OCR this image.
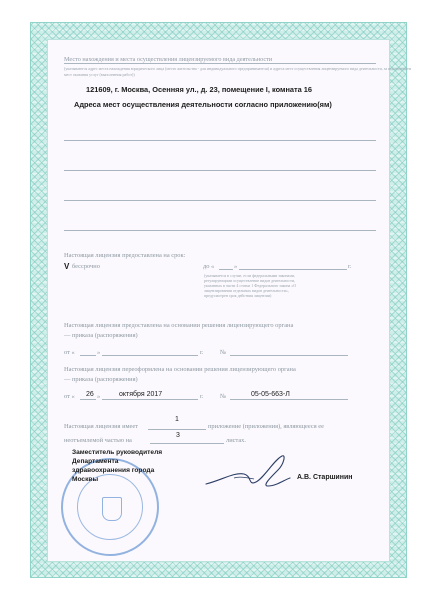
Место нахождения и места осуществления лицензируемого вида деятельности
(указываются адрес места нахождения юридического лица (место жительства - для индивидуального предпринимателя) и адреса мест осуществления лицензируемого вида деятельности, за исключением
мест оказания услуг (выполнения работ))
121609, г. Москва, Осенняя ул., д. 23, помещение I, комната 16
Адреса мест осуществления деятельности согласно приложению(ям)
Настоящая лицензия предоставлена на срок:
V бессрочно	до «	»	г.
(указывается в случае, если федеральными законами, регулирующими осуществление видов деятельности, указанных в части 4 статьи 1 Федерального закона «О лицензировании отдельных видов деятельности», предусмотрен срок действия лицензии)
Настоящая лицензия предоставлена на основании решения лицензирующего органа
— приказа (распоряжения)
от «	»	г.	№
Настоящая лицензия переоформлена на основании решения лицензирующего органа
— приказа (распоряжения)
от « 26 »	октября 2017	г.	№	05-05-663-Л
Настоящая лицензия имеет
1
приложение (приложения), являющееся ее
неотъемлемой частью на
3
листах.
Заместитель руководителя
Департамента
здравоохранения города
Москвы	А.В. Старшинин
